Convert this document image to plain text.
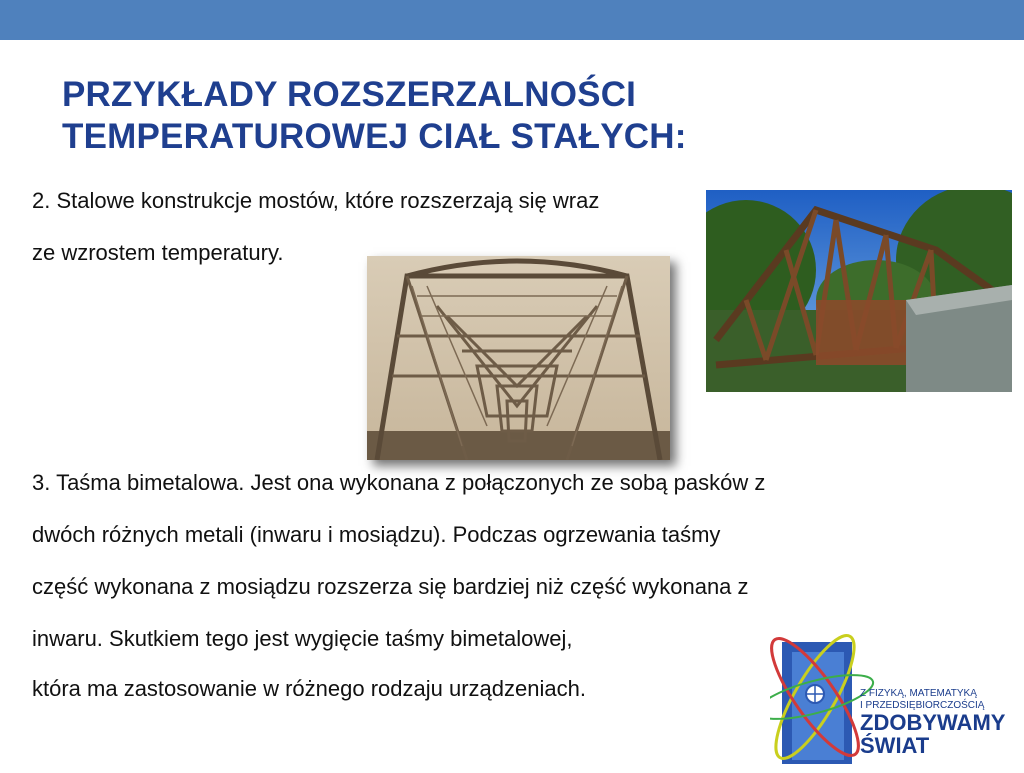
PRZYKŁADY ROZSZERZALNOŚCI
TEMPERATUROWEJ CIAŁ STAŁYCH:
2. Stalowe konstrukcje mostów, które rozszerzają się wraz
ze wzrostem temperatury.
3. Taśma bimetalowa. Jest ona wykonana z połączonych ze sobą pasków z
dwóch różnych metali (inwaru i mosiądzu). Podczas ogrzewania taśmy
część wykonana z mosiądzu rozszerza się bardziej niż część wykonana z
inwaru. Skutkiem tego jest wygięcie taśmy bimetalowej,
która ma zastosowanie w różnego rodzaju urządzeniach.	Z FIZYKĄ, MATEMATYKĄ
I PRZEDSIĘBIORCZOŚCIĄ
ZDOBYWAMY
ŚWIAT
